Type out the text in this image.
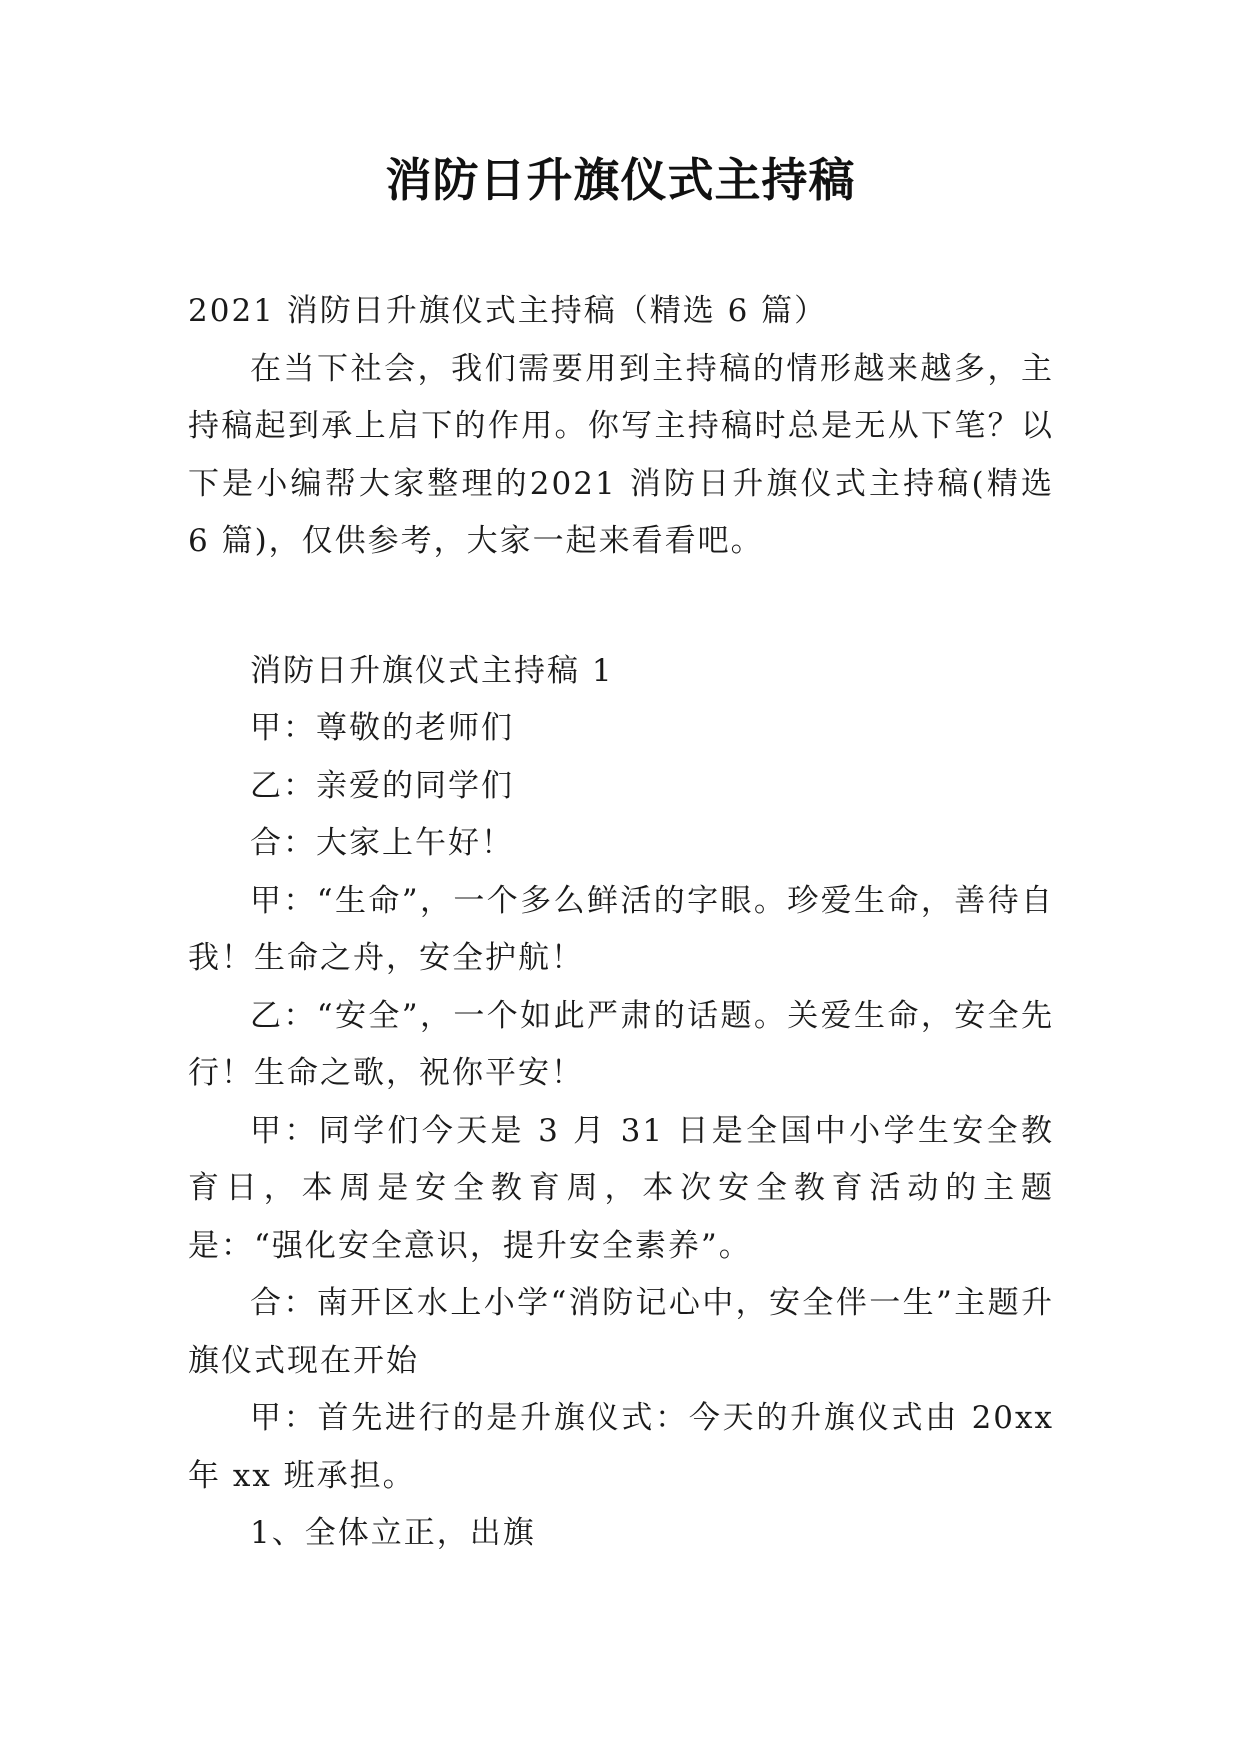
消防日升旗仪式主持稿

2021 消防日升旗仪式主持稿（精选 6 篇）

在当下社会，我们需要用到主持稿的情形越来越多，主持稿起到承上启下的作用。你写主持稿时总是无从下笔？以下是小编帮大家整理的2021 消防日升旗仪式主持稿(精选 6 篇)，仅供参考，大家一起来看看吧。

消防日升旗仪式主持稿 1

甲：尊敬的老师们

乙：亲爱的同学们

合：大家上午好！

甲：“生命”，一个多么鲜活的字眼。珍爱生命，善待自我！生命之舟，安全护航！

乙：“安全”，一个如此严肃的话题。关爱生命，安全先行！生命之歌，祝你平安！

甲：同学们今天是 3 月 31 日是全国中小学生安全教育日，本周是安全教育周，本次安全教育活动的主题是：“强化安全意识，提升安全素养”。

合：南开区水上小学“消防记心中，安全伴一生”主题升旗仪式现在开始

甲：首先进行的是升旗仪式：今天的升旗仪式由 20xx 年 xx 班承担。

1、全体立正，出旗
